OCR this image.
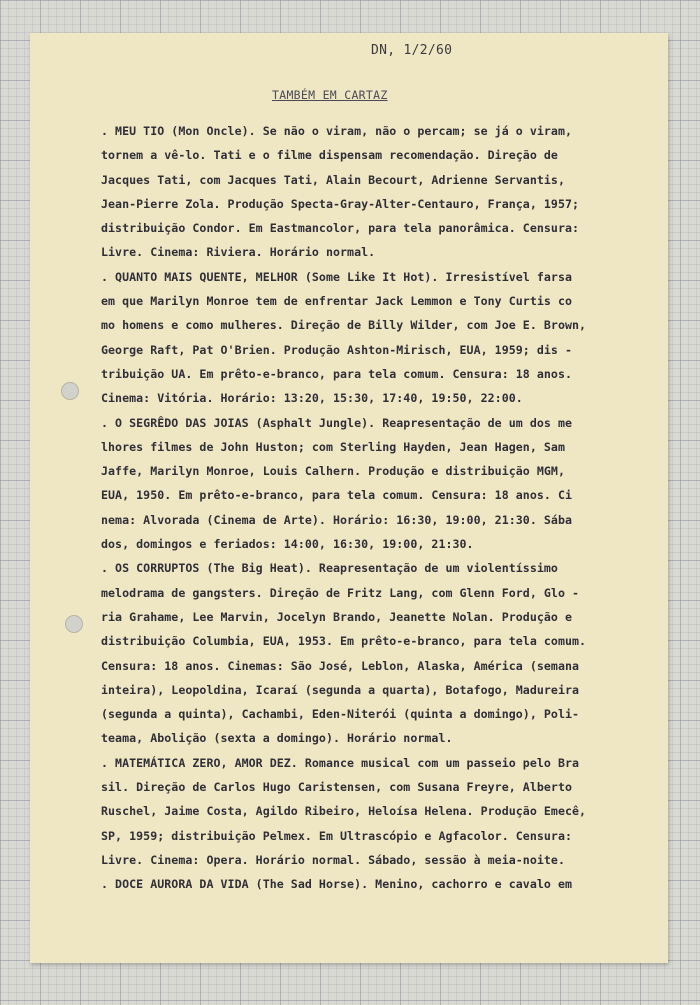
DN, 1/2/60
TAMBÉM EM CARTAZ
. MEU TIO (Mon Oncle). Se não o viram, não o percam; se já o viram,
tornem a vê-lo. Tati e o filme dispensam recomendação. Direção de
Jacques Tati, com Jacques Tati, Alain Becourt, Adrienne Servantis,
Jean-Pierre Zola. Produção Specta-Gray-Alter-Centauro, França, 1957;
distribuição Condor. Em Eastmancolor, para tela panorâmica. Censura:
Livre. Cinema: Riviera. Horário normal.
. QUANTO MAIS QUENTE, MELHOR (Some Like It Hot). Irresistível farsa
em que Marilyn Monroe tem de enfrentar Jack Lemmon e Tony Curtis co
mo homens e como mulheres. Direção de Billy Wilder, com Joe E. Brown,
George Raft, Pat O'Brien. Produção Ashton-Mirisch, EUA, 1959; dis -
tribuição UA. Em prêto-e-branco, para tela comum. Censura: 18 anos.
Cinema: Vitória. Horário: 13:20, 15:30, 17:40, 19:50, 22:00.
. O SEGRÊDO DAS JOIAS (Asphalt Jungle). Reapresentação de um dos me
lhores filmes de John Huston; com Sterling Hayden, Jean Hagen, Sam
Jaffe, Marilyn Monroe, Louis Calhern. Produção e distribuição MGM,
EUA, 1950. Em prêto-e-branco, para tela comum. Censura: 18 anos. Ci
nema: Alvorada (Cinema de Arte). Horário: 16:30, 19:00, 21:30. Sába
dos, domingos e feriados: 14:00, 16:30, 19:00, 21:30.
. OS CORRUPTOS (The Big Heat). Reapresentação de um violentíssimo
melodrama de gangsters. Direção de Fritz Lang, com Glenn Ford, Glo -
ria Grahame, Lee Marvin, Jocelyn Brando, Jeanette Nolan. Produção e
distribuição Columbia, EUA, 1953. Em prêto-e-branco, para tela comum.
Censura: 18 anos. Cinemas: São José, Leblon, Alaska, América (semana
inteira), Leopoldina, Icaraí (segunda a quarta), Botafogo, Madureira
(segunda a quinta), Cachambi, Eden-Niterói (quinta a domingo), Poli-
teama, Abolição (sexta a domingo). Horário normal.
. MATEMÁTICA ZERO, AMOR DEZ. Romance musical com um passeio pelo Bra
sil. Direção de Carlos Hugo Caristensen, com Susana Freyre, Alberto
Ruschel, Jaime Costa, Agildo Ribeiro, Heloísa Helena. Produção Emecê,
SP, 1959; distribuição Pelmex. Em Ultrascópio e Agfacolor. Censura:
Livre. Cinema: Opera. Horário normal. Sábado, sessão à meia-noite.
. DOCE AURORA DA VIDA (The Sad Horse). Menino, cachorro e cavalo em
